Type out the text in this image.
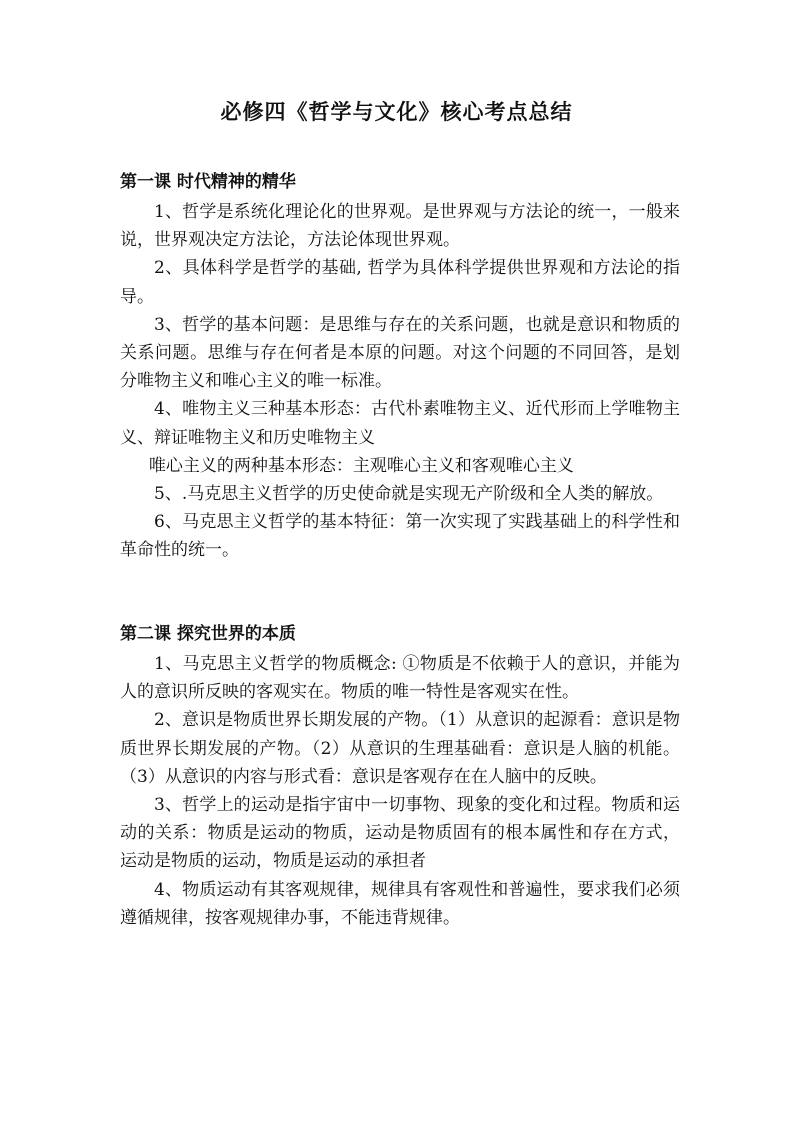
必修四《哲学与文化》核心考点总结
第一课 时代精神的精华

1、哲学是系统化理论化的世界观。是世界观与方法论的统一，一般来说，世界观决定方法论，方法论体现世界观。

2、具体科学是哲学的基础, 哲学为具体科学提供世界观和方法论的指导。

3、哲学的基本问题：是思维与存在的关系问题，也就是意识和物质的关系问题。思维与存在何者是本原的问题。对这个问题的不同回答，是划分唯物主义和唯心主义的唯一标准。

4、唯物主义三种基本形态：古代朴素唯物主义、近代形而上学唯物主义、辩证唯物主义和历史唯物主义

唯心主义的两种基本形态：主观唯心主义和客观唯心主义

5、.马克思主义哲学的历史使命就是实现无产阶级和全人类的解放。

6、马克思主义哲学的基本特征：第一次实现了实践基础上的科学性和革命性的统一。

第二课 探究世界的本质

1、马克思主义哲学的物质概念: ①物质是不依赖于人的意识，并能为人的意识所反映的客观实在。物质的唯一特性是客观实在性。

2、意识是物质世界长期发展的产物。（1）从意识的起源看：意识是物质世界长期发展的产物。（2）从意识的生理基础看：意识是人脑的机能。（3）从意识的内容与形式看：意识是客观存在在人脑中的反映。

3、哲学上的运动是指宇宙中一切事物、现象的变化和过程。物质和运动的关系：物质是运动的物质，运动是物质固有的根本属性和存在方式，运动是物质的运动，物质是运动的承担者

4、物质运动有其客观规律，规律具有客观性和普遍性，要求我们必须遵循规律，按客观规律办事，不能违背规律。
